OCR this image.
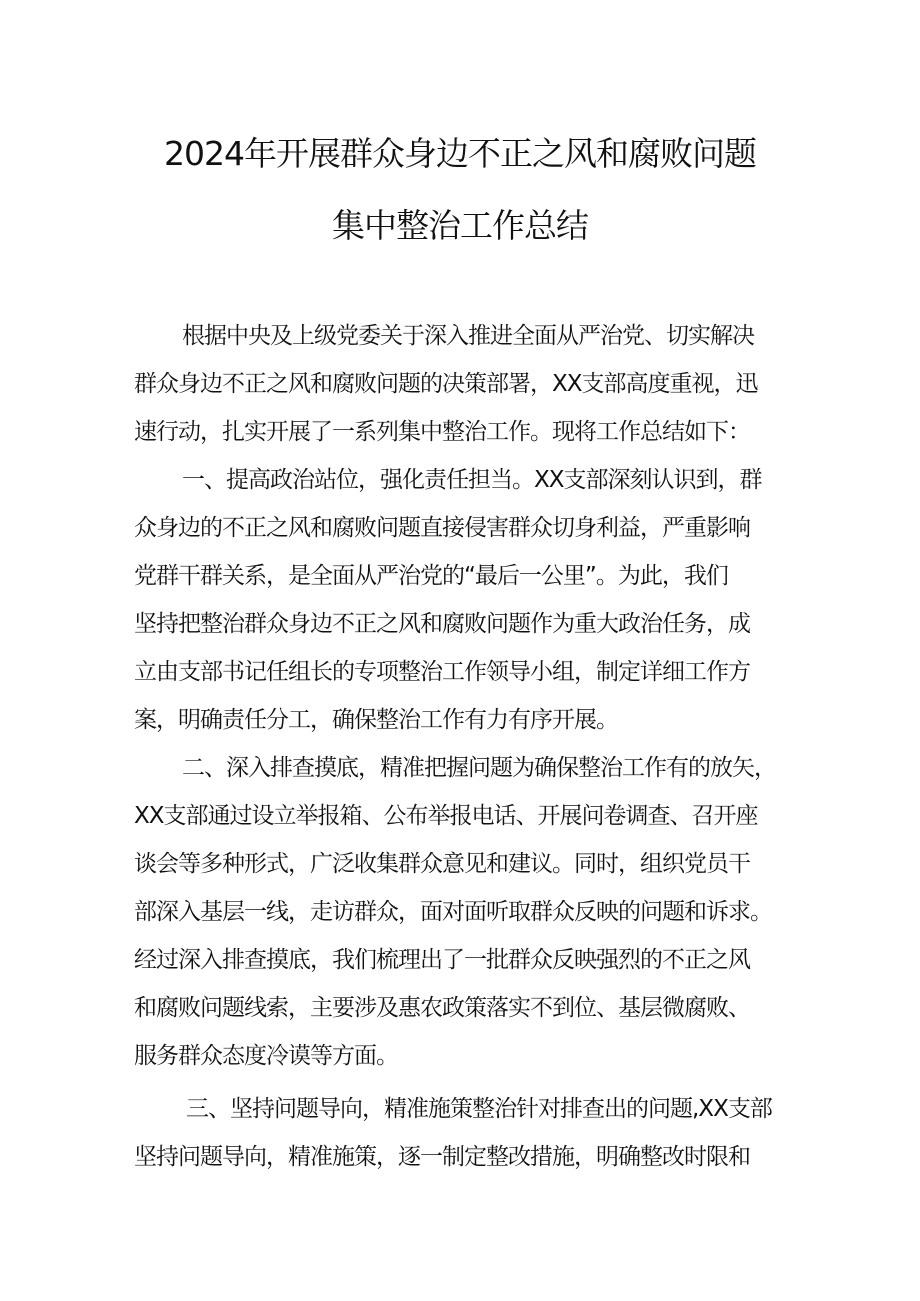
2024年开展群众身边不正之风和腐败问题
集中整治工作总结
根据中央及上级党委关于深入推进全面从严治党、切实解决
群众身边不正之风和腐败问题的决策部署，XX支部高度重视，迅
速行动，扎实开展了一系列集中整治工作。现将工作总结如下：
一、提高政治站位，强化责任担当。XX支部深刻认识到，群
众身边的不正之风和腐败问题直接侵害群众切身利益，严重影响
党群干群关系，是全面从严治党的“最后一公里”。为此，我们
坚持把整治群众身边不正之风和腐败问题作为重大政治任务，成
立由支部书记任组长的专项整治工作领导小组，制定详细工作方
案，明确责任分工，确保整治工作有力有序开展。
二、深入排查摸底，精准把握问题为确保整治工作有的放矢，
XX支部通过设立举报箱、公布举报电话、开展问卷调查、召开座
谈会等多种形式，广泛收集群众意见和建议。同时，组织党员干
部深入基层一线，走访群众，面对面听取群众反映的问题和诉求。
经过深入排查摸底，我们梳理出了一批群众反映强烈的不正之风
和腐败问题线索，主要涉及惠农政策落实不到位、基层微腐败、
服务群众态度冷谟等方面。
三、坚持问题导向，精准施策整治针对排查出的问题,XX支部
坚持问题导向，精准施策，逐一制定整改措施，明确整改时限和
